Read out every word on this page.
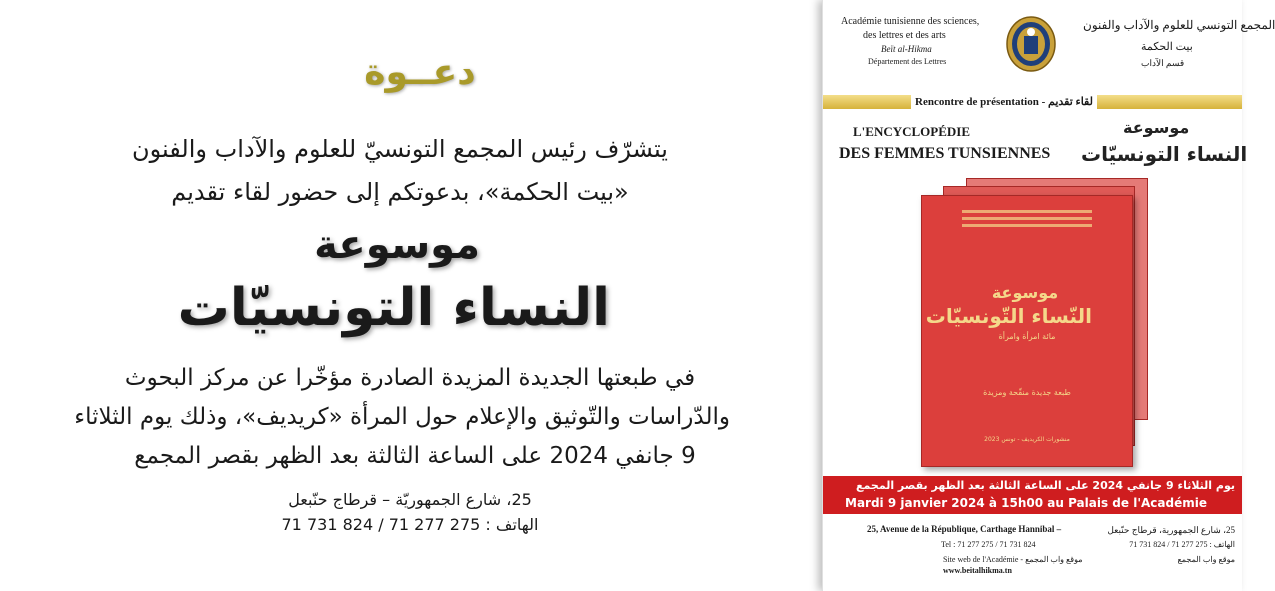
دعــوة
يتشرّف رئيس المجمع التونسيّ للعلوم والآداب والفنون
«بيت الحكمة»، بدعوتكم إلى حضور لقاء تقديم
موسوعة
النساء التونسيّات
في طبعتها الجديدة المزيدة الصادرة مؤخّرا عن مركز البحوث
والدّراسات والتّوثيق والإعلام حول المرأة «كريديف»، وذلك يوم الثلاثاء
9 جانفي 2024 على الساعة الثالثة بعد الظهر بقصر المجمع
25، شارع الجمهوريّة – قرطاج حنّبعل
الهاتف : 275 277 71 / 824 731 71
Académie tunisienne des sciences,
des lettres et des arts
Beït al-Hikma
Département des Lettres
المجمع التونسي للعلوم والآداب والفنون
بيت الحكمة
قسم الآداب
Rencontre de présentation - لقاء تقديم
L'ENCYCLOPÉDIE
DES FEMMES TUNSIENNES
موسوعة
النساء التونسيّات
موسوعة
النّساء التّونسيّات
مائة امرأة وامرأة
طبعة جديدة منقّحة ومزيدة
منشورات الكريديف - تونس 2023
يوم الثلاثاء 9 جانفي 2024 على الساعة الثالثة بعد الظهر بقصر المجمع
Mardi 9 janvier 2024 à 15h00 au Palais de l'Académie
25, Avenue de la République, Carthage Hannibal –
Tel : 71 277 275 / 71 731 824
Site web de l'Académie - موقع واب المجمع
www.beitalhikma.tn
25، شارع الجمهورية، قرطاج حنّبعل
الهاتف : 275 277 71 / 824 731 71
موقع واب المجمع
